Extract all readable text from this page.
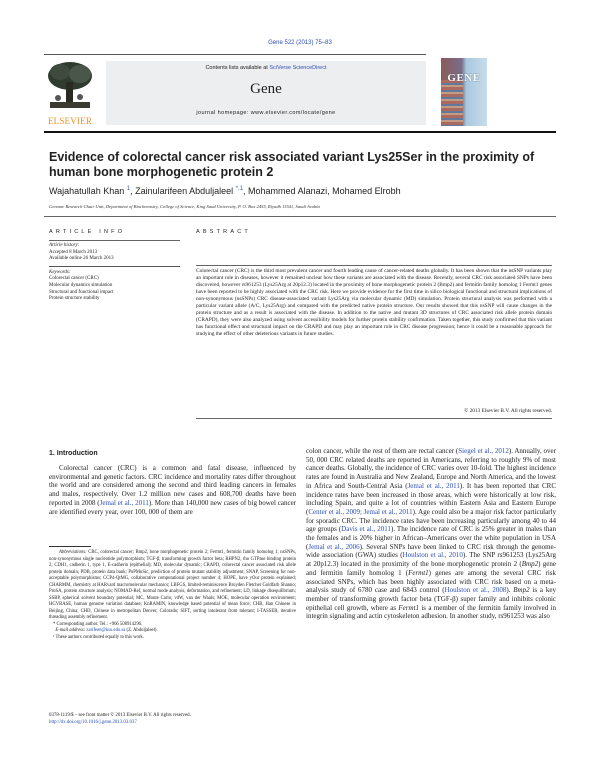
Gene 522 (2013) 75–83
ELSEVIER
Contents lists available at SciVerse ScienceDirect
Gene
journal homepage: www.elsevier.com/locate/gene
GENE
Evidence of colorectal cancer risk associated variant Lys25Ser in the proximity of human bone morphogenetic protein 2
Wajahatullah Khan $^1$, Zainularifeen Abduljaleel $^{*,1}$, Mohammed Alanazi, Mohamed Elrobh
Genome Research Chair Unit, Department of Biochemistry, College of Science, King Saud University, P. O. Box 2455, Riyadh 11541, Saudi Arabia
ARTICLE INFO	ABSTRACT
Article history:
Accepted 8 March 2013
Available online 26 March 2013
Keywords:
Colorectal cancer (CRC)
Molecular dynamics simulation
Structural and functional impact
Protein structure stability

Colorectal cancer (CRC) is the third most prevalent cancer and fourth leading cause of cancer-related deaths globally. It has been shown that the nsSNP variants play an important role in diseases, however it remained unclear how these variants are associated with the disease. Recently, several CRC risk associated SNPs have been discovered, however rs961253 (Lys25Arg at 20p12.3) located in the proximity of bone morphogenetic protein 2 (Bmp2) and fermitin family homolog 1 Fermt1 genes have been reported to be highly associated with the CRC risk. Here we provide evidence for the first time in silico biological functional and structural implications of non-synonymous (nsSNPs) CRC disease-associated variant Lys25Arg via molecular dynamic (MD) simulation. Protein structural analysis was performed with a particular variant allele (A/C, Lys25Arg) and compared with the predicted native protein structure. Our results showed that this nsSNP will cause changes in the protein structure and as a result is associated with the disease. In addition to the native and mutant 3D structures of CRC associated risk allele protein domain (CRAPD), they were also analyzed using solvent accessibility models for further protein stability confirmation. Taken together, this study confirmed that this variant has functional effect and structural impact on the CRAPD and may play an important role in CRC disease progression; hence it could be a reasonable approach for studying the effect of other deleterious variants in future studies.

© 2013 Elsevier B.V. All rights reserved.
1. Introduction

Colorectal cancer (CRC) is a common and fatal disease, influenced by environmental and genetic factors. CRC incidence and mortality rates differ throughout the world and are considered among the second and third leading cancers in females and males, respectively. Over 1.2 million new cases and 608,700 deaths have been reported in 2008 (Jemal et al., 2011). More than 140,000 new cases of big bowel cancer are identified every year, over 100, 000 of them are

colon cancer, while the rest of them are rectal cancer (Siegel et al., 2012). Annually, over 50, 000 CRC related deaths are reported in Americans, referring to roughly 9% of most cancer deaths. Globally, the incidence of CRC varies over 10-fold. The highest incidence rates are found in Australia and New Zealand, Europe and North America, and the lowest in Africa and South-Central Asia (Jemal et al., 2011). It has been reported that CRC incidence rates have been increased in those areas, which were historically at low risk, including Spain, and quite a lot of countries within Eastern Asia and Eastern Europe (Center et al., 2009; Jemal et al., 2011). Age could also be a major risk factor particularly for sporadic CRC. The incidence rates have been increasing particularly among 40 to 44 age groups (Davis et al., 2011). The incidence rate of CRC is 25% greater in males than the females and is 20% higher in African–Americans over the white population in USA (Jemal et al., 2006). Several SNPs have been linked to CRC risk through the genome-wide association (GWA) studies (Houlston et al., 2010). The SNP rs961253 (Lys25Arg at 20p12.3) located in the proximity of the bone morphogenetic protein 2 (Bmp2) gene and fermitin family homolog 1 (Fermt1) genes are among the several CRC risk associated SNPs, which has been highly associated with CRC risk based on a meta-analysis study of 6780 case and 6843 control (Houlston et al., 2008). Bmp2 is a key member of transforming growth factor beta (TGF-β) super family and inhibits colonic epithelial cell growth, where as Fermt1 is a member of the fermitin family involved in integrin signaling and actin cytoskeleton adhesion. In another study, rs961253 was also

Abbreviations: CRC, colorectal cancer; Bmp2, bone morphogenetic protein 2; Fermt1, fermitin family homolog 1; nsSNPs, non-synonymous single nucleotide polymorphism; TGF-β, transforming growth factor beta; RHPN2, rho GTPase binding protein 2; CDH1, cadherin 1, type 1, E-cadherin (epithelial); MD, molecular dynamic; CRAPD, colorectal cancer associated risk allele protein domain; PDB, protein data bank; PoPMuSic, prediction of protein mutant stability adjustment; SNAP, Screening for non-acceptable polymorphisms; CCP4-QtMG, collaborative computational project number 4; HOPE, have yOur protein explained; CHARMM, chemistry at HARvard macromolecular mechanics; LBFGS, limited-reminiscence Broyden Fletcher Goldfarb Shanno; ProSA, protein structure analysis; NOMAD-Ref, normal mode analysis, deformation, and refinement; LD, linkage disequilibrium; SSBP, spherical solvent boundary potential; MC, Monte Carlo; vdW, van der Waals; MOE, molecular operation environment; HGVBASE, human genome variation database; KnRAMIN, knowledge based potential of mean force; CHB, Han Chinese in Beijing, China; CHD, Chinese in metropolitan Denver, Colorado; SIFT, sorting intolerant from tolerant; I-TASSER, iterative threading assembly refinement.

* Corresponding author. Tel.: +966 508914296.

E-mail address: zarifeen@ksu.edu.sa (Z. Abduljaleel).

¹ These authors contributed equally to this work.

0378-1119/$ – see front matter © 2013 Elsevier B.V. All rights reserved.
http://dx.doi.org/10.1016/j.gene.2013.03.037
